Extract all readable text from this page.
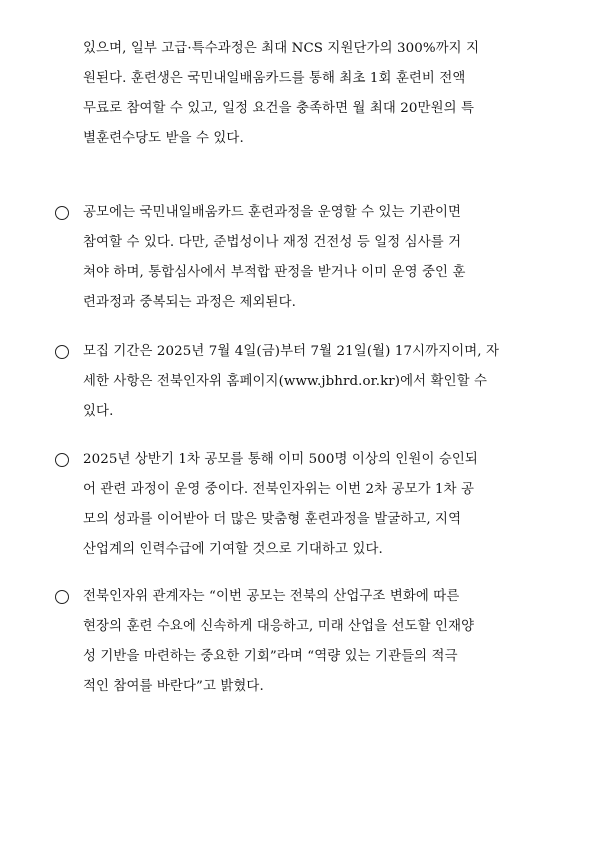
있으며, 일부 고급·특수과정은 최대 NCS 지원단가의 300%까지 지
원된다. 훈련생은 국민내일배움카드를 통해 최초 1회 훈련비 전액
무료로 참여할 수 있고, 일정 요건을 충족하면 월 최대 20만원의 특
별훈련수당도 받을 수 있다.
공모에는 국민내일배움카드 훈련과정을 운영할 수 있는 기관이면
참여할 수 있다. 다만, 준법성이나 재정 건전성 등 일정 심사를 거
쳐야 하며, 통합심사에서 부적합 판정을 받거나 이미 운영 중인 훈
련과정과 중복되는 과정은 제외된다.
모집 기간은 2025년 7월 4일(금)부터 7월 21일(월) 17시까지이며, 자
세한 사항은 전북인자위 홈페이지(www.jbhrd.or.kr)에서 확인할 수
있다.
2025년 상반기 1차 공모를 통해 이미 500명 이상의 인원이 승인되
어 관련 과정이 운영 중이다. 전북인자위는 이번 2차 공모가 1차 공
모의 성과를 이어받아 더 많은 맞춤형 훈련과정을 발굴하고, 지역
산업계의 인력수급에 기여할 것으로 기대하고 있다.
전북인자위 관계자는 “이번 공모는 전북의 산업구조 변화에 따른
현장의 훈련 수요에 신속하게 대응하고, 미래 산업을 선도할 인재양
성 기반을 마련하는 중요한 기회”라며 “역량 있는 기관들의 적극
적인 참여를 바란다”고 밝혔다.
